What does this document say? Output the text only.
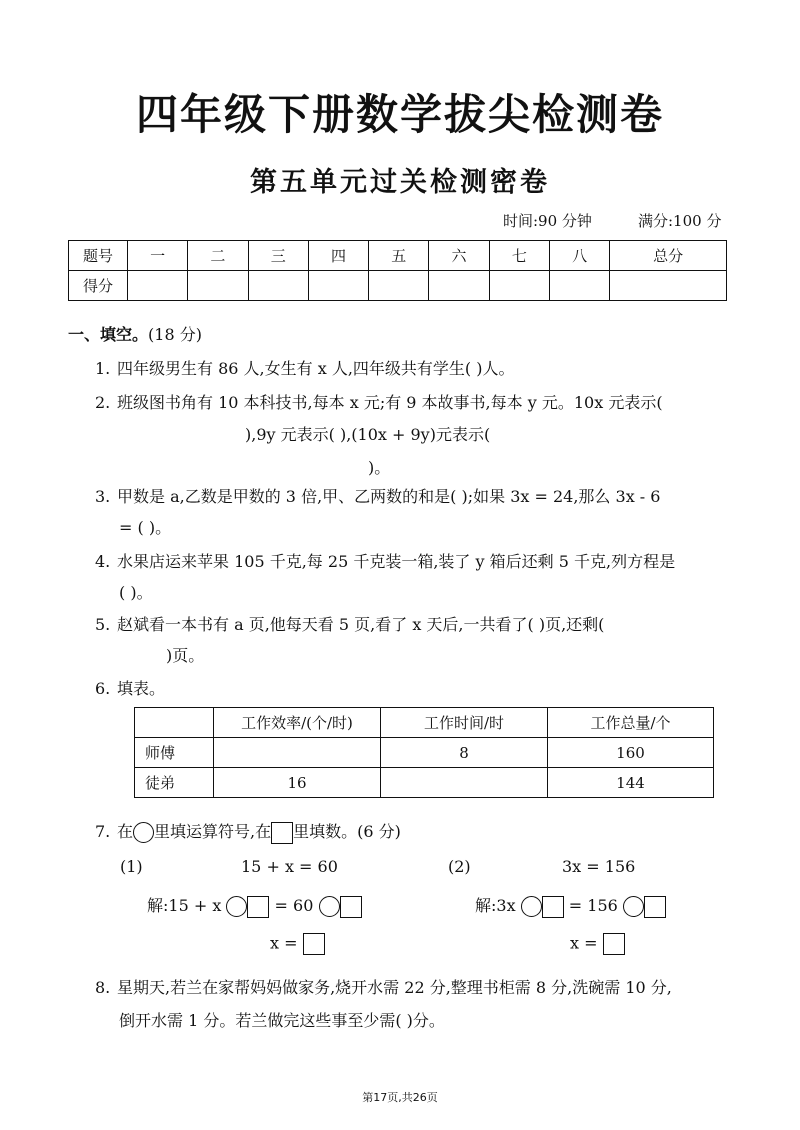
四年级下册数学拔尖检测卷
第五单元过关检测密卷
时间:90 分钟	满分:100 分
题号	一	二	三	四	五	六	七	八	总分
得分									
一、填空。(18 分)
1. 四年级男生有 86 人,女生有 x 人,四年级共有学生( )人。
2. 班级图书角有 10 本科技书,每本 x 元;有 9 本故事书,每本 y 元。10x 元表示(
),9y 元表示( ),(10x + 9y)元表示(
)。
3. 甲数是 a,乙数是甲数的 3 倍,甲、乙两数的和是( );如果 3x = 24,那么 3x - 6
= ( )。
4. 水果店运来苹果 105 千克,每 25 千克装一箱,装了 y 箱后还剩 5 千克,列方程是
( )。
5. 赵斌看一本书有 a 页,他每天看 5 页,看了 x 天后,一共看了( )页,还剩(
)页。
6. 填表。
	工作效率/(个/时)	工作时间/时	工作总量/个
师傅		8	160
徒弟	16		144
7. 在 里填运算符号,在 里填数。(6 分)
(1)	15 + x = 60	(2)	3x = 156
解:15 + x	= 60	解:3x	= 156
x =	x =
8. 星期天,若兰在家帮妈妈做家务,烧开水需 22 分,整理书柜需 8 分,洗碗需 10 分,
倒开水需 1 分。若兰做完这些事至少需( )分。
第17页,共26页
